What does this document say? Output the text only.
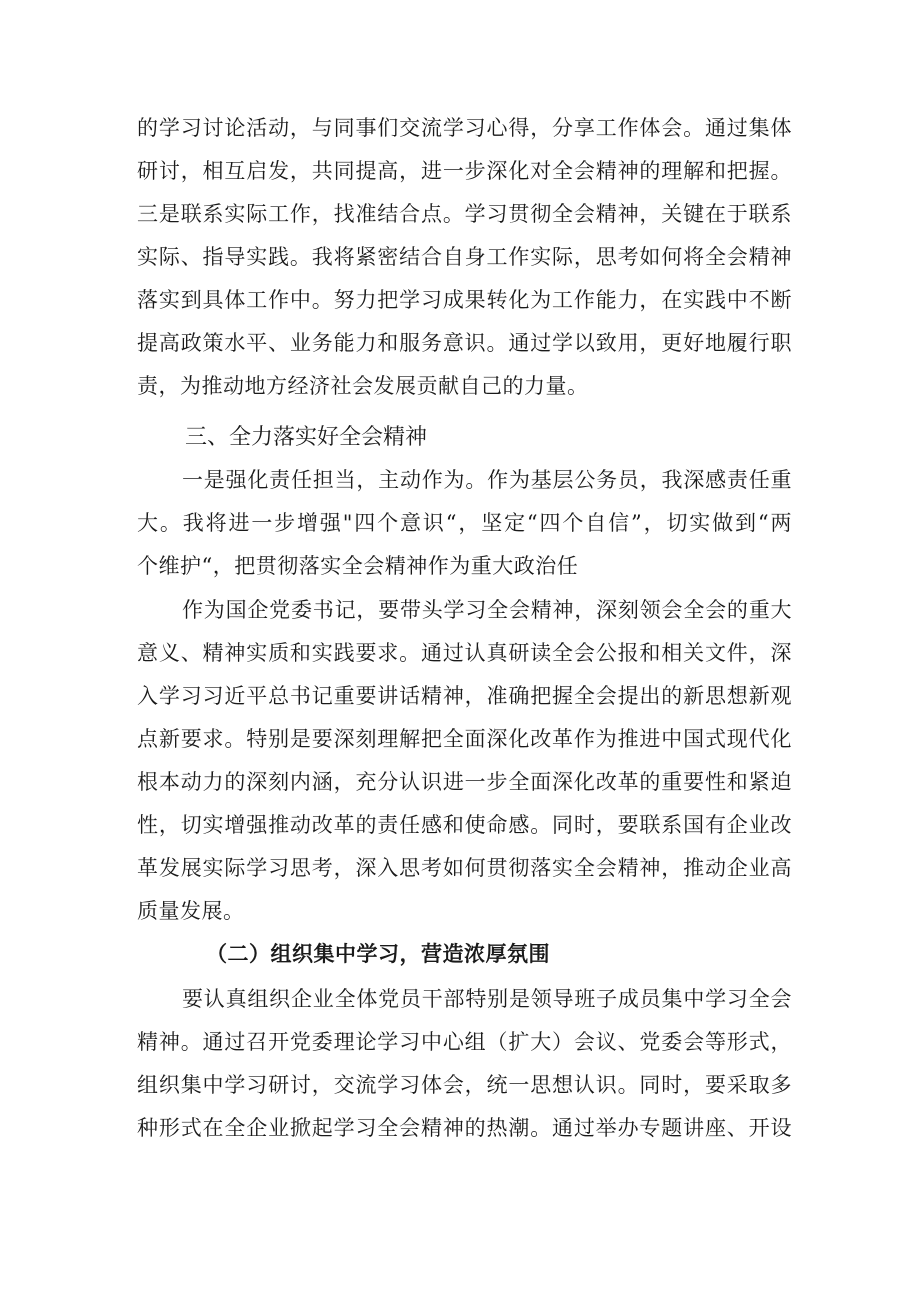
的学习讨论活动，与同事们交流学习心得，分享工作体会。通过集体
研讨，相互启发，共同提高，进一步深化对全会精神的理解和把握。
三是联系实际工作，找准结合点。学习贯彻全会精神，关键在于联系
实际、指导实践。我将紧密结合自身工作实际，思考如何将全会精神
落实到具体工作中。努力把学习成果转化为工作能力，在实践中不断
提高政策水平、业务能力和服务意识。通过学以致用，更好地履行职
责，为推动地方经济社会发展贡献自己的力量。
三、全力落实好全会精神
一是强化责任担当，主动作为。作为基层公务员，我深感责任重
大。我将进一步增强"四个意识“，坚定“四个自信”，切实做到“两
个维护“，把贯彻落实全会精神作为重大政治任
作为国企党委书记，要带头学习全会精神，深刻领会全会的重大
意义、精神实质和实践要求。通过认真研读全会公报和相关文件，深
入学习习近平总书记重要讲话精神，准确把握全会提出的新思想新观
点新要求。特别是要深刻理解把全面深化改革作为推进中国式现代化
根本动力的深刻内涵，充分认识进一步全面深化改革的重要性和紧迫
性，切实增强推动改革的责任感和使命感。同时，要联系国有企业改
革发展实际学习思考，深入思考如何贯彻落实全会精神，推动企业高
质量发展。
（二）组织集中学习，营造浓厚氛围
要认真组织企业全体党员干部特别是领导班子成员集中学习全会
精神。通过召开党委理论学习中心组（扩大）会议、党委会等形式，
组织集中学习研讨，交流学习体会，统一思想认识。同时，要采取多
种形式在全企业掀起学习全会精神的热潮。通过举办专题讲座、开设
